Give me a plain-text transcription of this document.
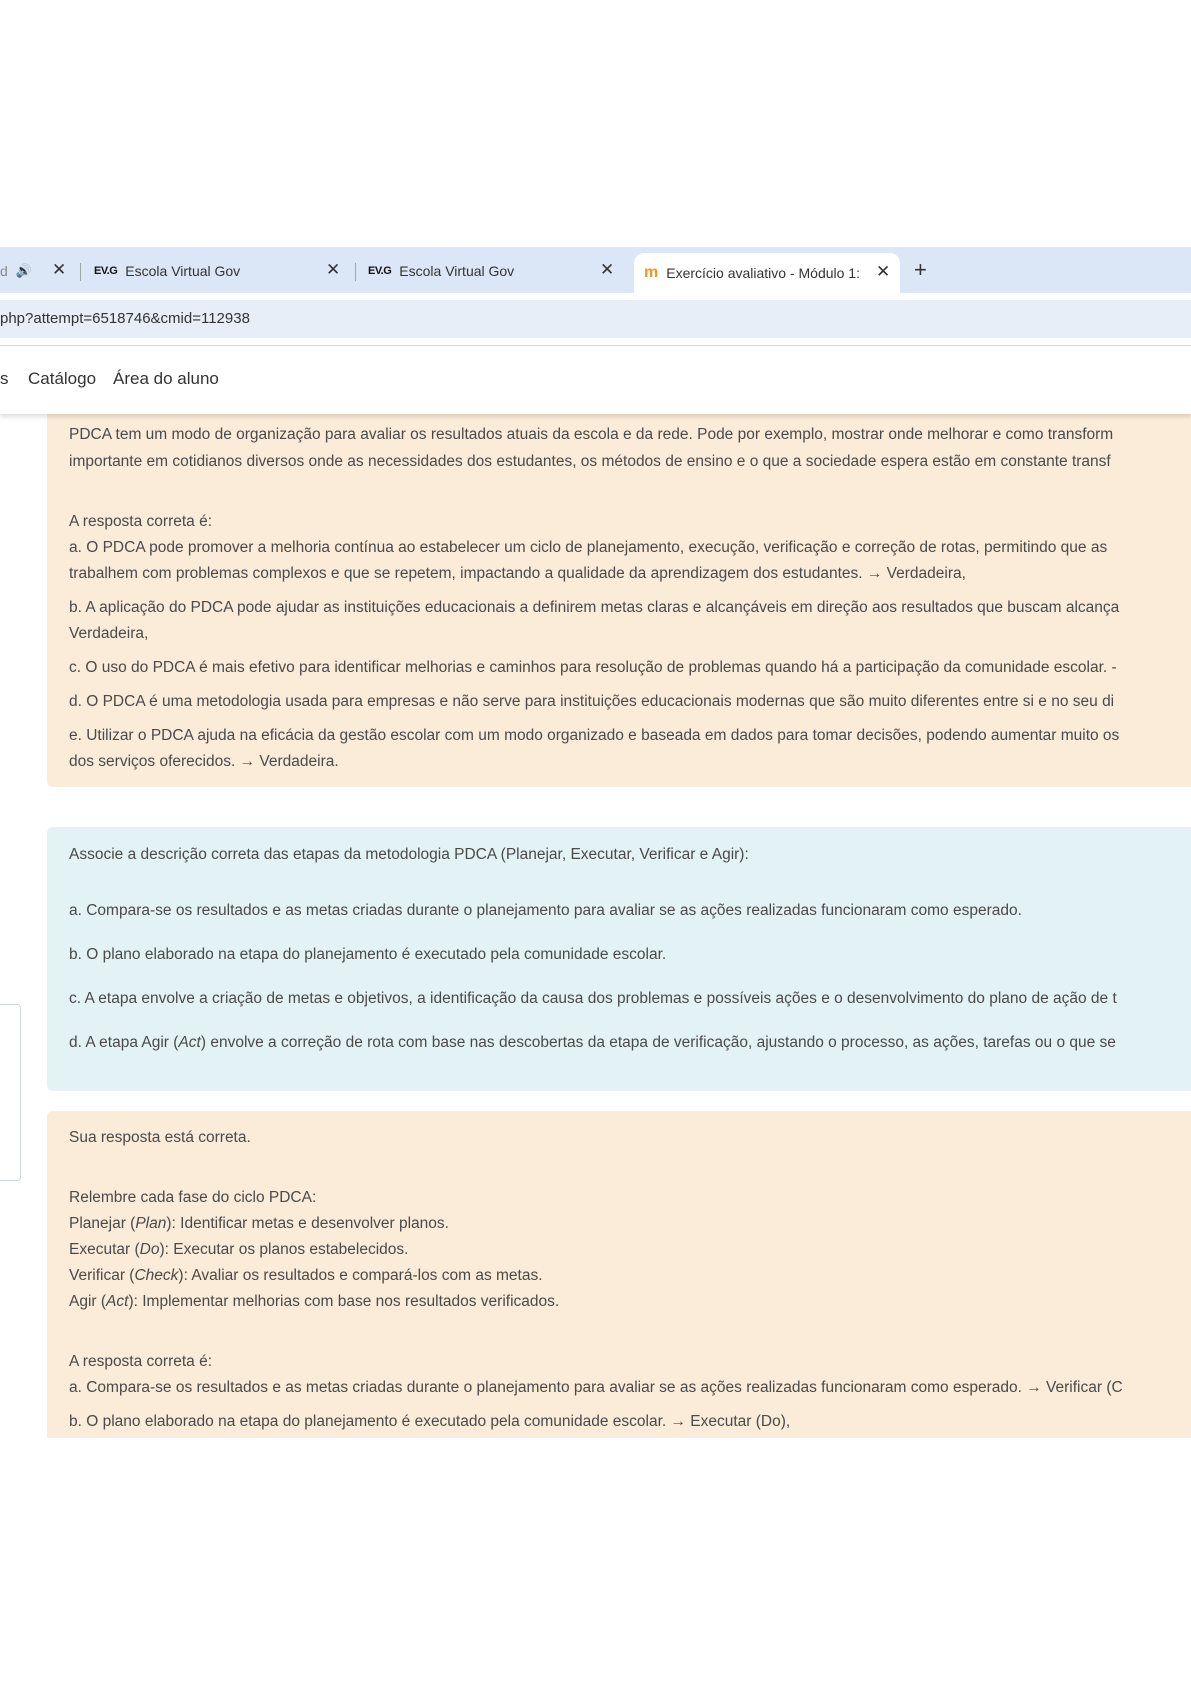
d 🔊 ✕	EV.G Escola Virtual Gov	✕	EV.G Escola Virtual Gov	✕ m Exercício avaliativo - Módulo 1: ✕ +
php?attempt=6518746&cmid=112938
s Catálogo Área do aluno
PDCA tem um modo de organização para avaliar os resultados atuais da escola e da rede. Pode por exemplo, mostrar onde melhorar e como transform
importante em cotidianos diversos onde as necessidades dos estudantes, os métodos de ensino e o que a sociedade espera estão em constante transf
A resposta correta é:
a. O PDCA pode promover a melhoria contínua ao estabelecer um ciclo de planejamento, execução, verificação e correção de rotas, permitindo que as
trabalhem com problemas complexos e que se repetem, impactando a qualidade da aprendizagem dos estudantes. → Verdadeira,
b. A aplicação do PDCA pode ajudar as instituições educacionais a definirem metas claras e alcançáveis em direção aos resultados que buscam alcança
Verdadeira,
c. O uso do PDCA é mais efetivo para identificar melhorias e caminhos para resolução de problemas quando há a participação da comunidade escolar. -
d. O PDCA é uma metodologia usada para empresas e não serve para instituições educacionais modernas que são muito diferentes entre si e no seu di
e. Utilizar o PDCA ajuda na eficácia da gestão escolar com um modo organizado e baseada em dados para tomar decisões, podendo aumentar muito os
dos serviços oferecidos. → Verdadeira.
Associe a descrição correta das etapas da metodologia PDCA (Planejar, Executar, Verificar e Agir):
a. Compara-se os resultados e as metas criadas durante o planejamento para avaliar se as ações realizadas funcionaram como esperado.
b. O plano elaborado na etapa do planejamento é executado pela comunidade escolar.
c. A etapa envolve a criação de metas e objetivos, a identificação da causa dos problemas e possíveis ações e o desenvolvimento do plano de ação de t
d. A etapa Agir (Act) envolve a correção de rota com base nas descobertas da etapa de verificação, ajustando o processo, as ações, tarefas ou o que se
Sua resposta está correta.
Relembre cada fase do ciclo PDCA:
Planejar (Plan): Identificar metas e desenvolver planos.
Executar (Do): Executar os planos estabelecidos.
Verificar (Check): Avaliar os resultados e compará-los com as metas.
Agir (Act): Implementar melhorias com base nos resultados verificados.
A resposta correta é:
a. Compara-se os resultados e as metas criadas durante o planejamento para avaliar se as ações realizadas funcionaram como esperado. → Verificar (C
b. O plano elaborado na etapa do planejamento é executado pela comunidade escolar. → Executar (Do),
